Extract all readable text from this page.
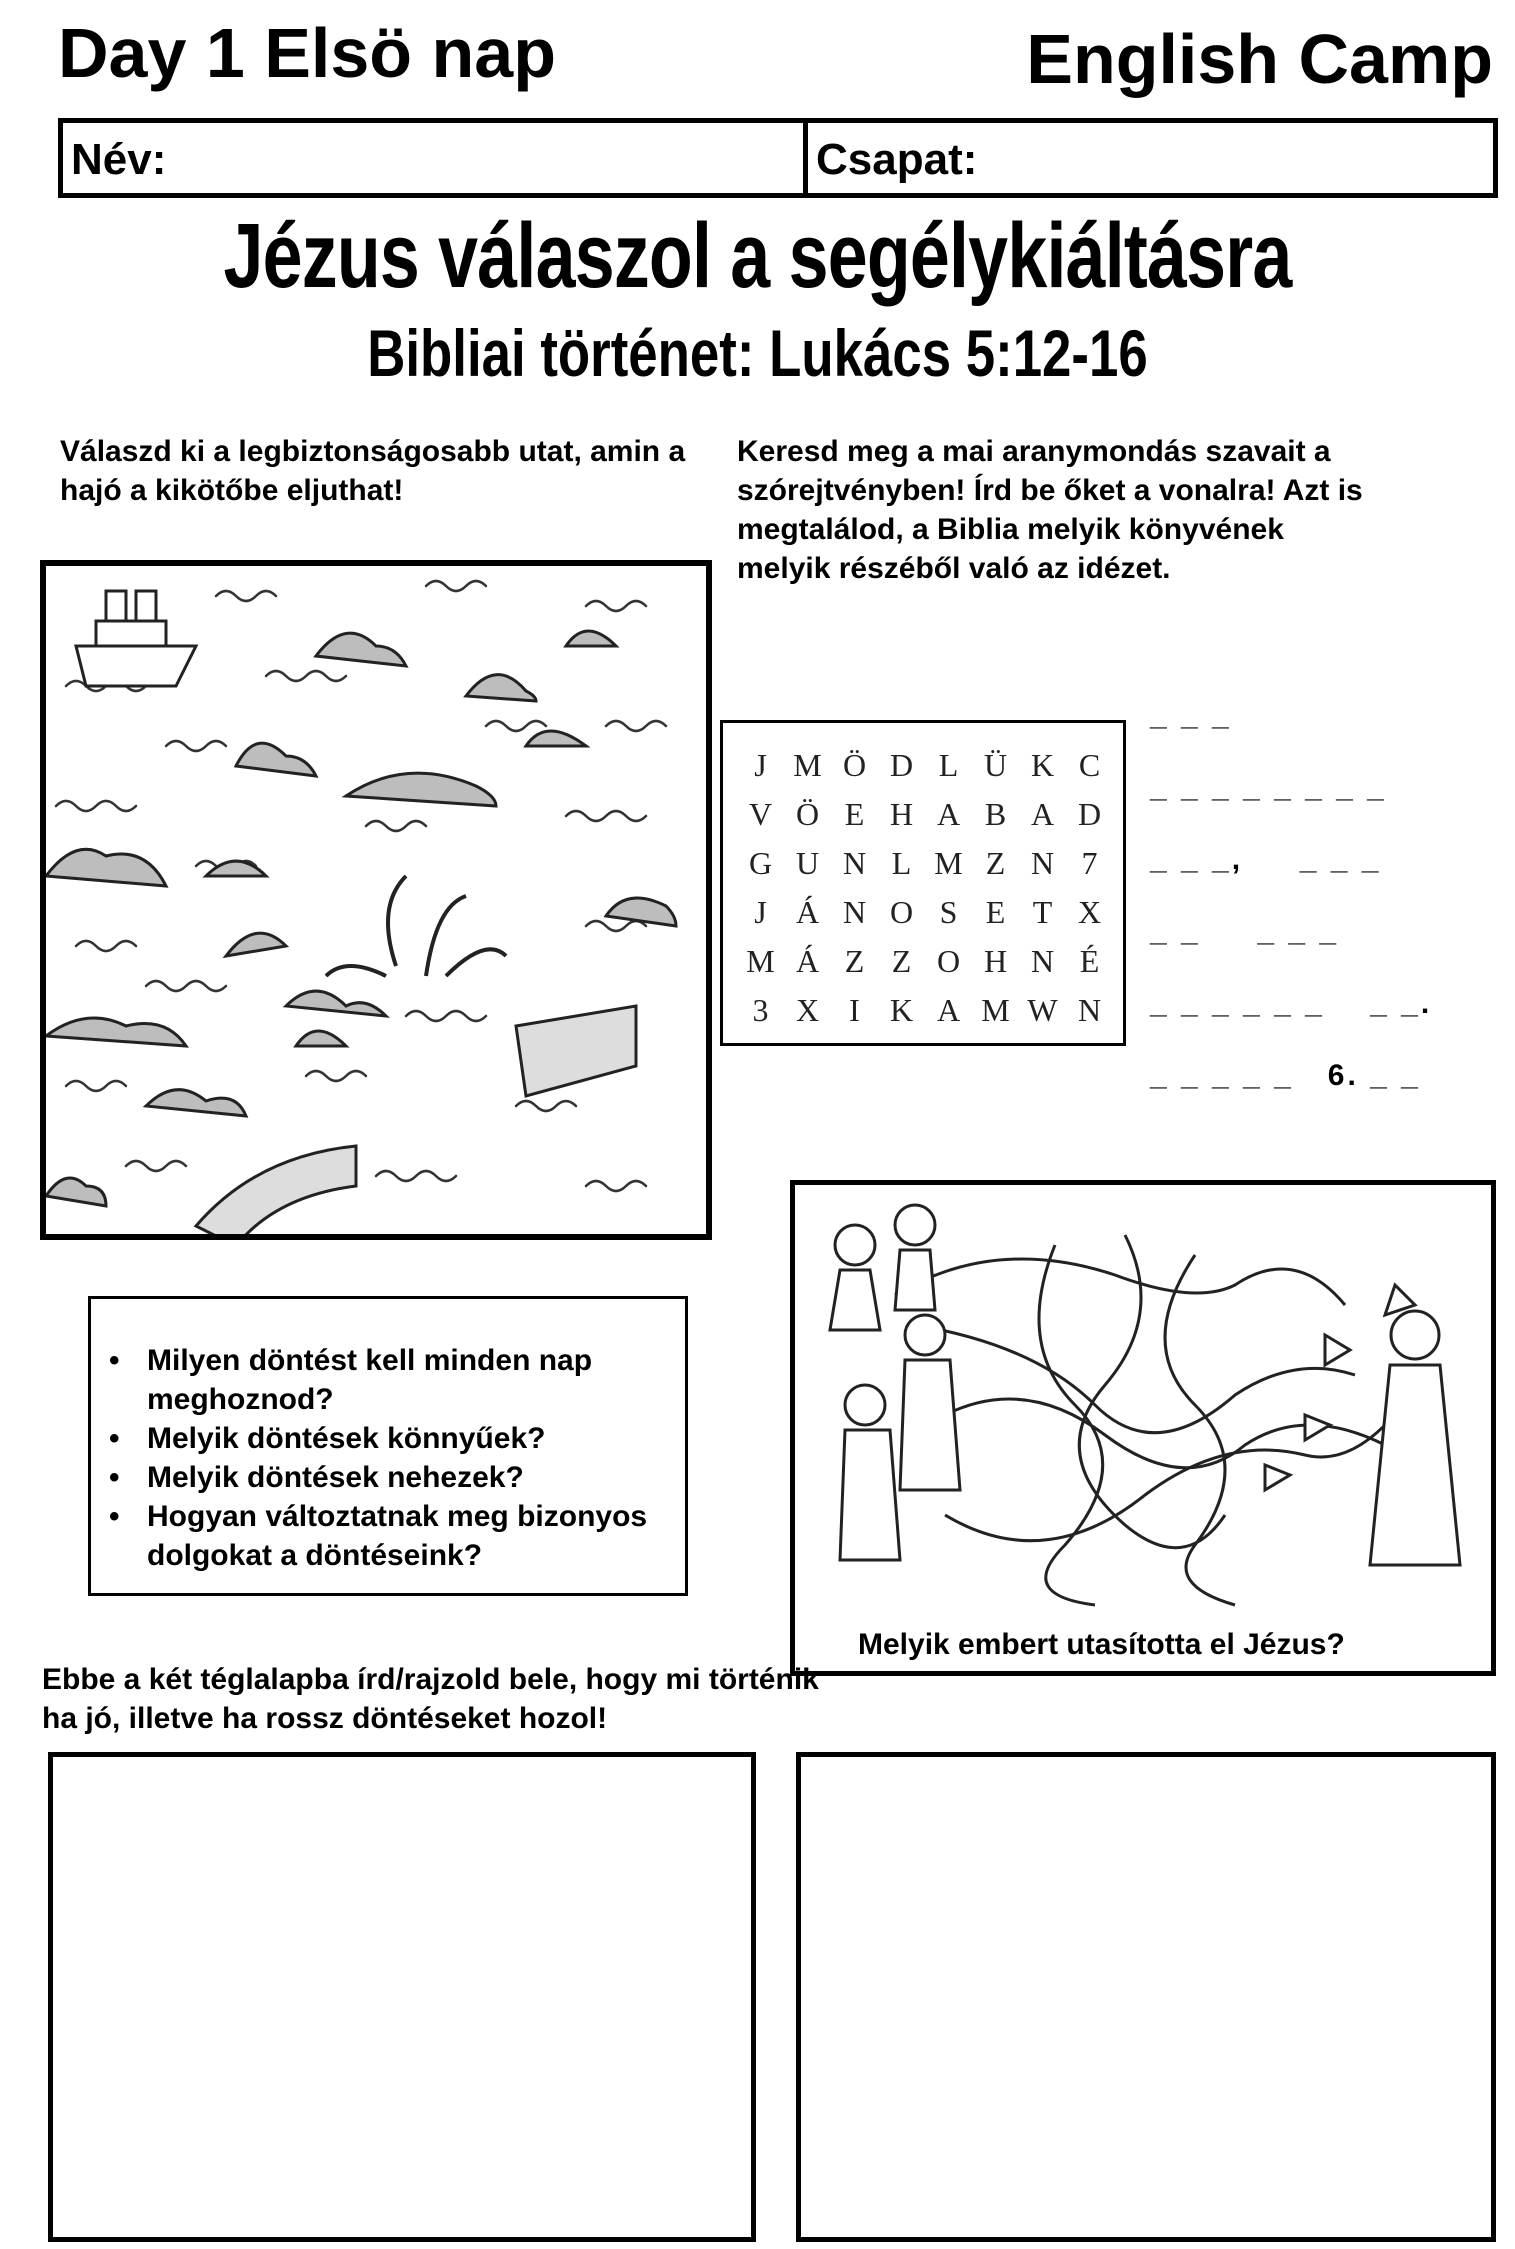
Day 1 Elsö nap	English Camp
Név:	Csapat:
Jézus válaszol a segélykiáltásra
Bibliai történet: Lukács 5:12-16
Válaszd ki a legbiztonságosabb utat, amin a hajó a kikötőbe eljuthat!
Keresd meg a mai aranymondás szavait a szórejtvényben! Írd be őket a vonalra! Azt is megtalálod, a Biblia melyik könyvének melyik részéből való az idézet.
J M Ö D L Ü K C
V Ö E H A B A D
G U N L M Z N 7
J Á N O S E T X
M Á Z Z O H N É
3 X I K A M W N
_ _ _
_ _ _ _ _ _ _ _
_ _ _,     _ _ _
_ _     _ _ _
_ _ _ _ _ _    _ _.
_ _ _ _ _   6. _ _
• Milyen döntést kell minden nap meghoznod?
• Melyik döntések könnyűek?
• Melyik döntések nehezek?
• Hogyan változtatnak meg bizonyos dolgokat a döntéseink?
Melyik embert utasította el Jézus?
Ebbe a két téglalapba írd/rajzold bele, hogy mi történik ha jó, illetve ha rossz döntéseket hozol!
